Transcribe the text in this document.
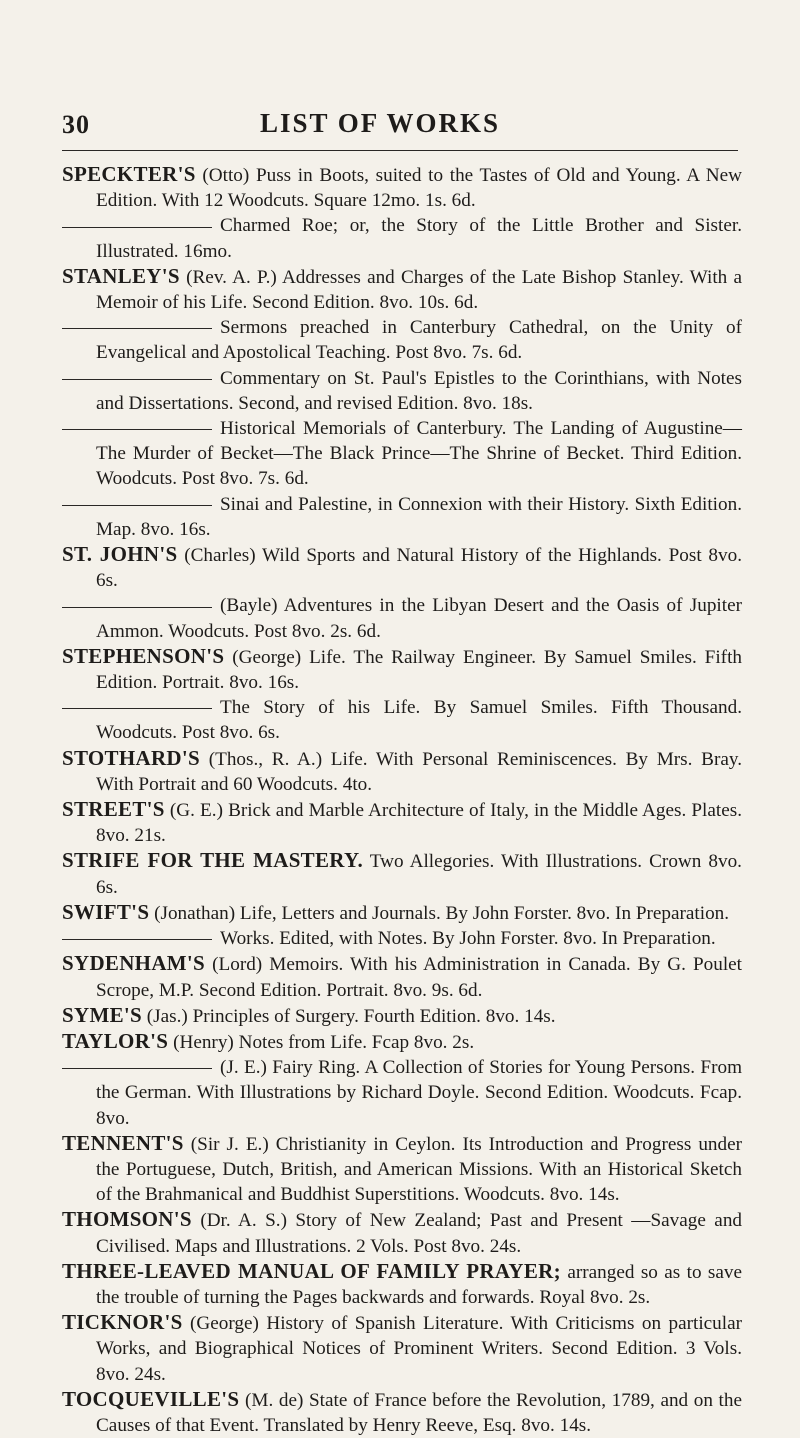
30	LIST OF WORKS
SPECKTER'S (Otto) Puss in Boots, suited to the Tastes of Old and Young. A New Edition. With 12 Woodcuts. Square 12mo. 1s. 6d.
Charmed Roe; or, the Story of the Little Brother and Sister. Illustrated. 16mo.
STANLEY'S (Rev. A. P.) Addresses and Charges of the Late Bishop Stanley. With a Memoir of his Life. Second Edition. 8vo. 10s. 6d.
Sermons preached in Canterbury Cathedral, on the Unity of Evangelical and Apostolical Teaching. Post 8vo. 7s. 6d.
Commentary on St. Paul's Epistles to the Corinthians, with Notes and Dissertations. Second, and revised Edition. 8vo. 18s.
Historical Memorials of Canterbury. The Landing of Augustine—The Murder of Becket—The Black Prince—The Shrine of Becket. Third Edition. Woodcuts. Post 8vo. 7s. 6d.
Sinai and Palestine, in Connexion with their History. Sixth Edition. Map. 8vo. 16s.
ST. JOHN'S (Charles) Wild Sports and Natural History of the Highlands. Post 8vo. 6s.
(Bayle) Adventures in the Libyan Desert and the Oasis of Jupiter Ammon. Woodcuts. Post 8vo. 2s. 6d.
STEPHENSON'S (George) Life. The Railway Engineer. By Samuel Smiles. Fifth Edition. Portrait. 8vo. 16s.
The Story of his Life. By Samuel Smiles. Fifth Thousand. Woodcuts. Post 8vo. 6s.
STOTHARD'S (Thos., R. A.) Life. With Personal Reminiscences. By Mrs. Bray. With Portrait and 60 Woodcuts. 4to.
STREET'S (G. E.) Brick and Marble Architecture of Italy, in the Middle Ages. Plates. 8vo. 21s.
STRIFE FOR THE MASTERY. Two Allegories. With Illustrations. Crown 8vo. 6s.
SWIFT'S (Jonathan) Life, Letters and Journals. By John Forster. 8vo. In Preparation.
Works. Edited, with Notes. By John Forster. 8vo. In Preparation.
SYDENHAM'S (Lord) Memoirs. With his Administration in Canada. By G. Poulet Scrope, M.P. Second Edition. Portrait. 8vo. 9s. 6d.
SYME'S (Jas.) Principles of Surgery. Fourth Edition. 8vo. 14s.
TAYLOR'S (Henry) Notes from Life. Fcap 8vo. 2s.
(J. E.) Fairy Ring. A Collection of Stories for Young Persons. From the German. With Illustrations by Richard Doyle. Second Edition. Woodcuts. Fcap. 8vo.
TENNENT'S (Sir J. E.) Christianity in Ceylon. Its Introduction and Progress under the Portuguese, Dutch, British, and American Missions. With an Historical Sketch of the Brahmanical and Buddhist Superstitions. Woodcuts. 8vo. 14s.
THOMSON'S (Dr. A. S.) Story of New Zealand; Past and Present —Savage and Civilised. Maps and Illustrations. 2 Vols. Post 8vo. 24s.
THREE-LEAVED MANUAL OF FAMILY PRAYER; arranged so as to save the trouble of turning the Pages backwards and forwards. Royal 8vo. 2s.
TICKNOR'S (George) History of Spanish Literature. With Criticisms on particular Works, and Biographical Notices of Prominent Writers. Second Edition. 3 Vols. 8vo. 24s.
TOCQUEVILLE'S (M. de) State of France before the Revolution, 1789, and on the Causes of that Event. Translated by Henry Reeve, Esq. 8vo. 14s.
